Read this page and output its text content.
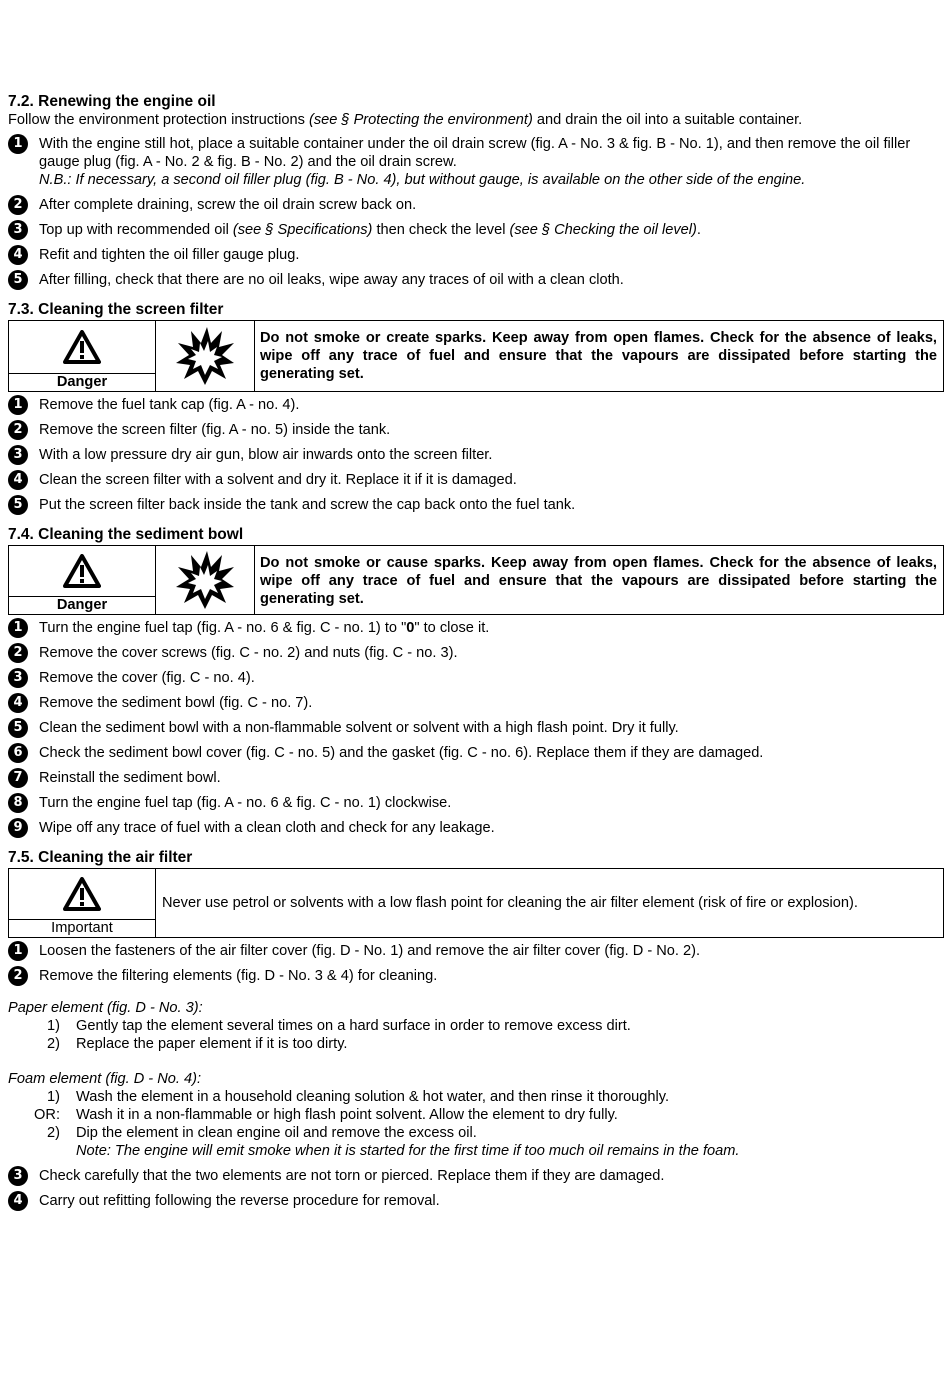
7.2. Renewing the engine oil
Follow the environment protection instructions (see § Protecting the environment) and drain the oil into a suitable container.
1	With the engine still hot, place a suitable container under the oil drain screw (fig. A - No. 3 & fig. B - No. 1), and then remove the oil filler gauge plug (fig. A - No. 2 & fig. B - No. 2) and the oil drain screw.
N.B.: If necessary, a second oil filler plug (fig. B - No. 4), but without gauge, is available on the other side of the engine.
2	After complete draining, screw the oil drain screw back on.
3	Top up with recommended oil (see § Specifications) then check the level (see § Checking the oil level).
4	Refit and tighten the oil filler gauge plug.
5	After filling, check that there are no oil leaks, wipe away any traces of oil with a clean cloth.
7.3. Cleaning the screen filter
Danger
Do not smoke or create sparks. Keep away from open flames. Check for the absence of leaks, wipe off any trace of fuel and ensure that the vapours are dissipated before starting the generating set.
1	Remove the fuel tank cap (fig. A - no. 4).
2	Remove the screen filter (fig. A - no. 5) inside the tank.
3	With a low pressure dry air gun, blow air inwards onto the screen filter.
4	Clean the screen filter with a solvent and dry it. Replace it if it is damaged.
5	Put the screen filter back inside the tank and screw the cap back onto the fuel tank.
7.4. Cleaning the sediment bowl
Danger
Do not smoke or cause sparks. Keep away from open flames. Check for the absence of leaks, wipe off any trace of fuel and ensure that the vapours are dissipated before starting the generating set.
1	Turn the engine fuel tap (fig. A - no. 6 & fig. C - no. 1) to "0" to close it.
2	Remove the cover screws (fig. C - no. 2) and nuts (fig. C - no. 3).
3	Remove the cover (fig. C - no. 4).
4	Remove the sediment bowl (fig. C - no. 7).
5	Clean the sediment bowl with a non-flammable solvent or solvent with a high flash point. Dry it fully.
6	Check the sediment bowl cover (fig. C - no. 5) and the gasket (fig. C - no. 6). Replace them if they are damaged.
7	Reinstall the sediment bowl.
8	Turn the engine fuel tap (fig. A - no. 6 & fig. C - no. 1) clockwise.
9	Wipe off any trace of fuel with a clean cloth and check for any leakage.
7.5. Cleaning the air filter
Important
Never use petrol or solvents with a low flash point for cleaning the air filter element (risk of fire or explosion).
1	Loosen the fasteners of the air filter cover (fig. D - No. 1) and remove the air filter cover (fig. D - No. 2).
2	Remove the filtering elements (fig. D - No. 3 & 4) for cleaning.
Paper element (fig. D - No. 3):
1) Gently tap the element several times on a hard surface in order to remove excess dirt.
2) Replace the paper element if it is too dirty.
Foam element (fig. D - No. 4):
1) Wash the element in a household cleaning solution & hot water, and then rinse it thoroughly.
OR: Wash it in a non-flammable or high flash point solvent. Allow the element to dry fully.
2) Dip the element in clean engine oil and remove the excess oil.
Note: The engine will emit smoke when it is started for the first time if too much oil remains in the foam.
3	Check carefully that the two elements are not torn or pierced. Replace them if they are damaged.
4	Carry out refitting following the reverse procedure for removal.
